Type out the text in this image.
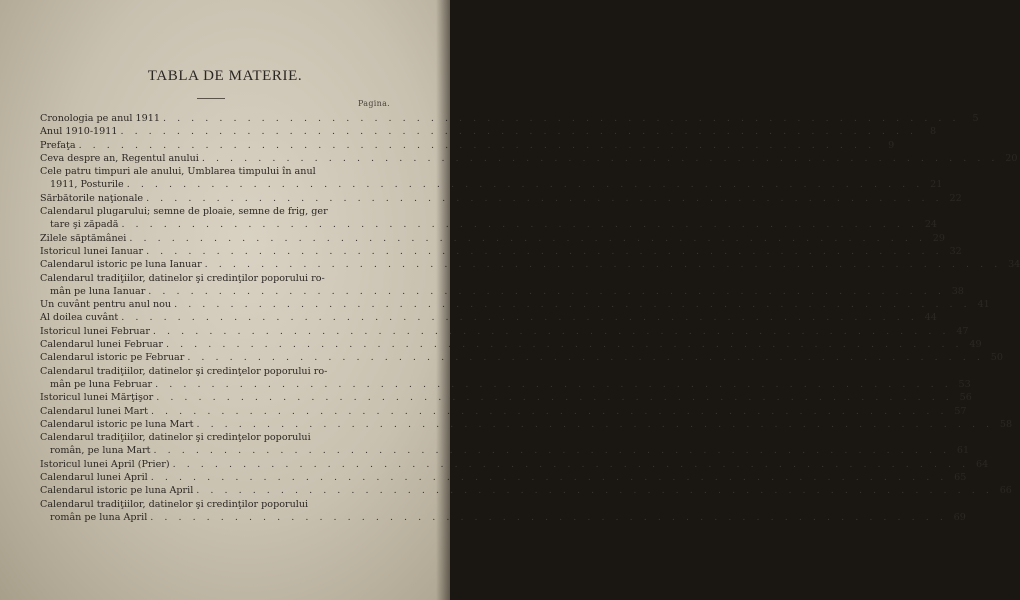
TABLA DE MATERIE.
Pagina.
Cronologia pe anul 1911 . . .	5
Anul 1910-1911 . . .	8
Prefaţa . . .	9
Ceva despre an, Regentul anului . . .	20
Cele patru timpuri ale anului, Umblarea timpului în anul
1911, Posturile . . .	21
Sărbătorile naţionale . . .	22
Calendarul plugarului; semne de ploaie, semne de frig, ger
tare şi zăpadă . . .	24
Zilele săptămânei . . .	29
Istoricul lunei Ianuar . . .	32
Calendarul istoric pe luna Ianuar . . .	34
Calendarul tradiţiilor, datinelor şi credinţilor poporului ro-
mân pe luna Ianuar . . .	38
Un cuvânt pentru anul nou . . .	41
Al doilea cuvânt . . .	44
Istoricul lunei Februar . . .	47
Calendarul lunei Februar . . .	49
Calendarul istoric pe Februar . . .	50
Calendarul tradiţiilor, datinelor şi credinţelor poporului ro-
mân pe luna Februar . . .	53
Istoricul lunei Mărţişor . . .	56
Calendarul lunei Mart . . .	57
Calendarul istoric pe luna Mart . . .	58
Calendarul tradiţiilor, datinelor şi credinţelor poporului
român, pe luna Mart . . .	61
Istoricul lunei April (Prier) . . .	64
Calendarul lunei April . . .	65
Calendarul istoric pe luna April . . .	66
Calendarul tradiţiilor, datinelor şi credinţilor poporului
român pe luna April . . .	69
